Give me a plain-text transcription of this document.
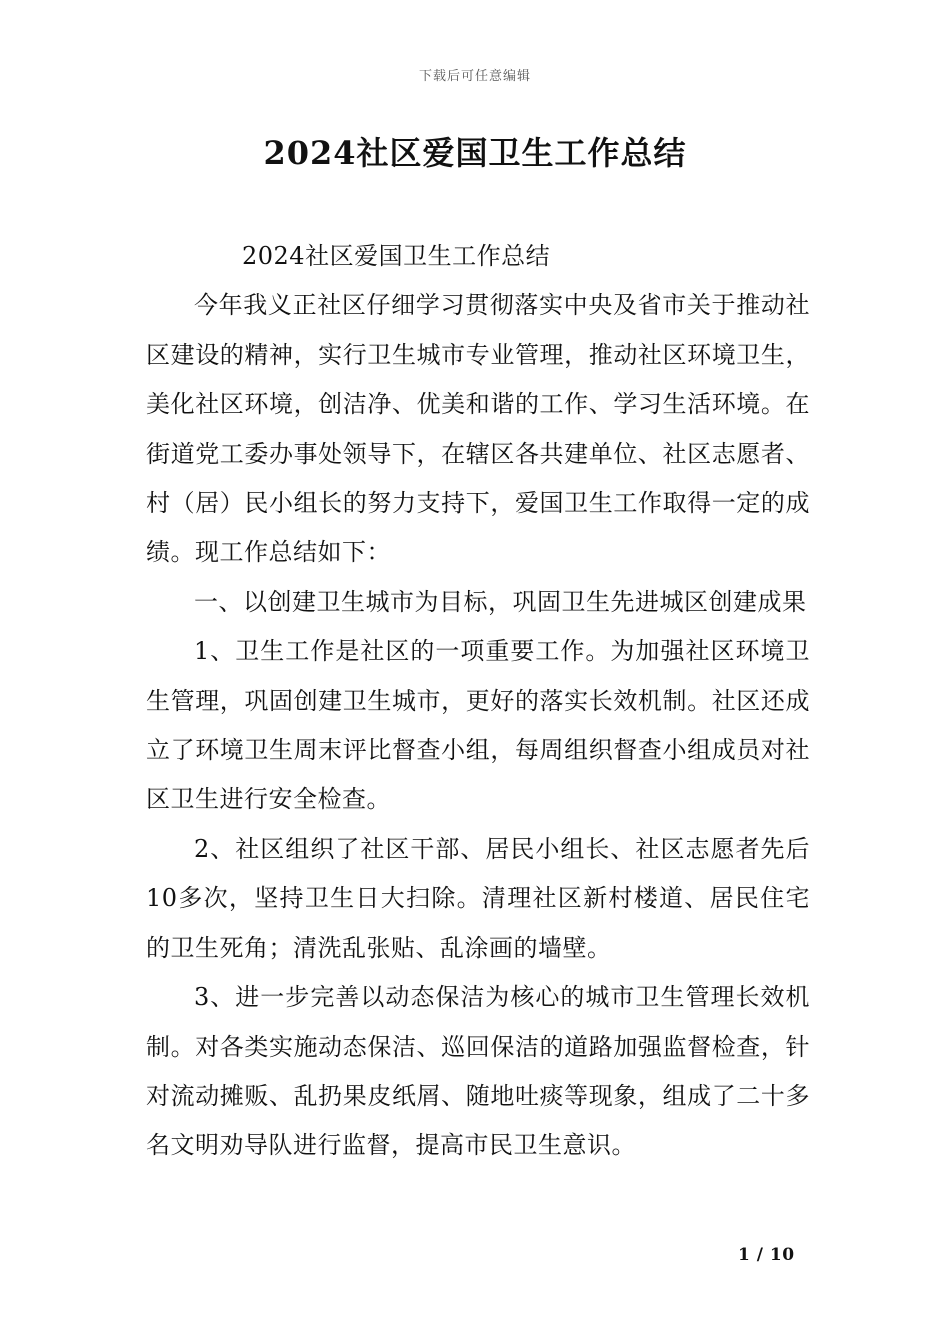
下载后可任意编辑
2024社区爱国卫生工作总结

2024社区爱国卫生工作总结

今年我义正社区仔细学习贯彻落实中央及省市关于推动社区建设的精神，实行卫生城市专业管理，推动社区环境卫生，美化社区环境，创洁净、优美和谐的工作、学习生活环境。在街道党工委办事处领导下，在辖区各共建单位、社区志愿者、村（居）民小组长的努力支持下，爱国卫生工作取得一定的成绩。现工作总结如下：

一、以创建卫生城市为目标，巩固卫生先进城区创建成果

1、卫生工作是社区的一项重要工作。为加强社区环境卫生管理，巩固创建卫生城市，更好的落实长效机制。社区还成立了环境卫生周末评比督查小组，每周组织督查小组成员对社区卫生进行安全检查。

2、社区组织了社区干部、居民小组长、社区志愿者先后10多次，坚持卫生日大扫除。清理社区新村楼道、居民住宅的卫生死角；清洗乱张贴、乱涂画的墙壁。

3、进一步完善以动态保洁为核心的城市卫生管理长效机制。对各类实施动态保洁、巡回保洁的道路加强监督检查，针对流动摊贩、乱扔果皮纸屑、随地吐痰等现象，组成了二十多名文明劝导队进行监督，提高市民卫生意识。

1 / 10
